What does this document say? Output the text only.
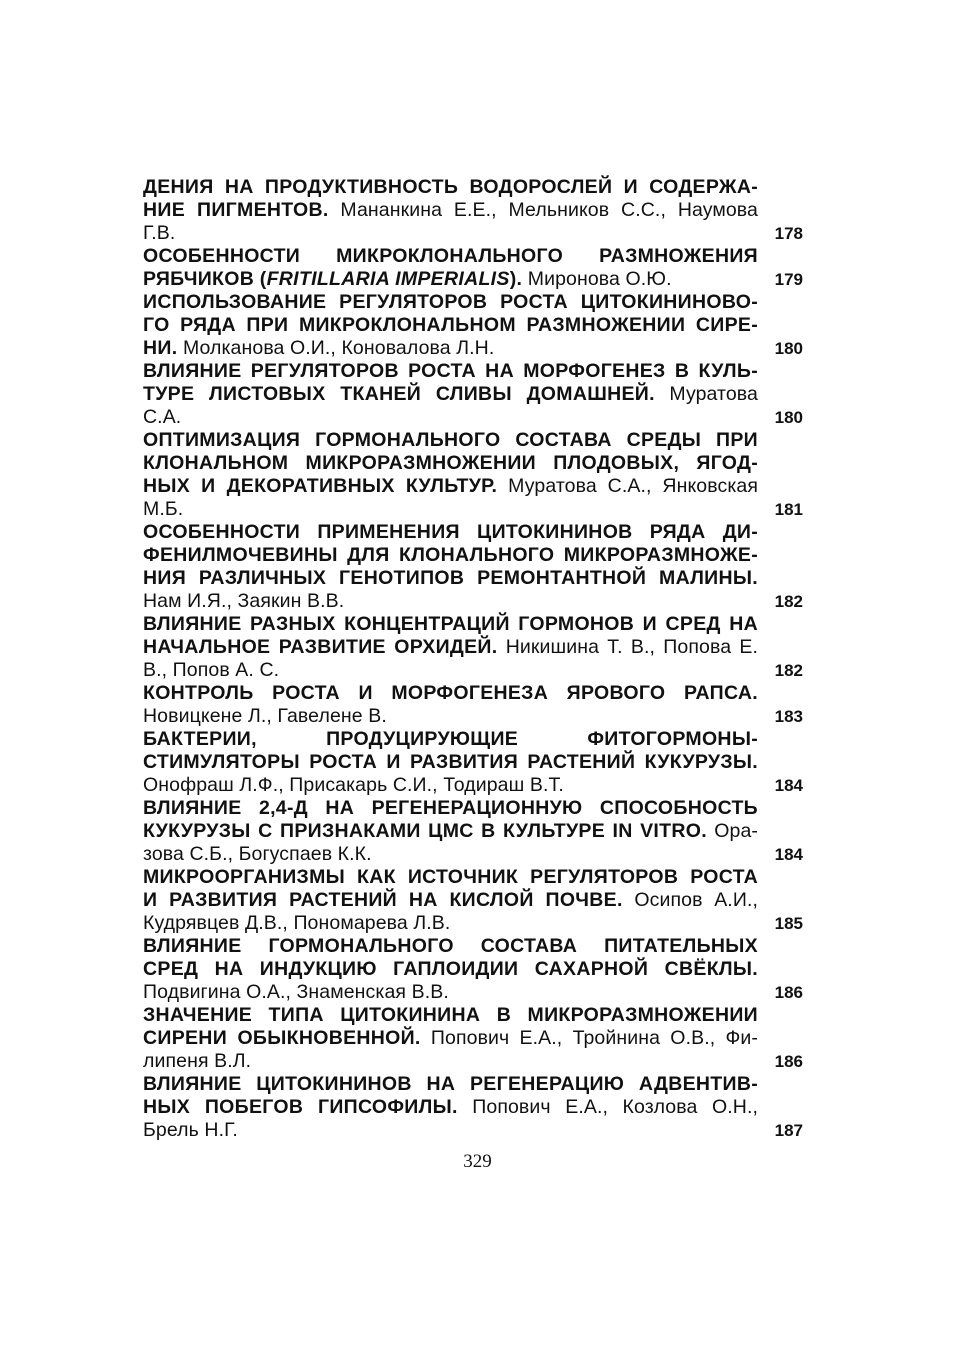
ДЕНИЯ НА ПРОДУКТИВНОСТЬ ВОДОРОСЛЕЙ И СОДЕРЖА-
НИЕ ПИГМЕНТОВ. Мананкина Е.Е., Мельников С.С., Наумова
Г.В.	178
ОСОБЕННОСТИ МИКРОКЛОНАЛЬНОГО РАЗМНОЖЕНИЯ
РЯБЧИКОВ (FRITILLARIA IMPERIALIS). Миронова О.Ю.	179
ИСПОЛЬЗОВАНИЕ РЕГУЛЯТОРОВ РОСТА ЦИТОКИНИНОВО-
ГО РЯДА ПРИ МИКРОКЛОНАЛЬНОМ РАЗМНОЖЕНИИ СИРЕ-
НИ. Молканова О.И., Коновалова Л.Н.	180
ВЛИЯНИЕ РЕГУЛЯТОРОВ РОСТА НА МОРФОГЕНЕЗ В КУЛЬ-
ТУРЕ ЛИСТОВЫХ ТКАНЕЙ СЛИВЫ ДОМАШНЕЙ. Муратова
С.А.	180
ОПТИМИЗАЦИЯ ГОРМОНАЛЬНОГО СОСТАВА СРЕДЫ ПРИ
КЛОНАЛЬНОМ МИКРОРАЗМНОЖЕНИИ ПЛОДОВЫХ, ЯГОД-
НЫХ И ДЕКОРАТИВНЫХ КУЛЬТУР. Муратова С.А., Янковская
М.Б.	181
ОСОБЕННОСТИ ПРИМЕНЕНИЯ ЦИТОКИНИНОВ РЯДА ДИ-
ФЕНИЛМОЧЕВИНЫ ДЛЯ КЛОНАЛЬНОГО МИКРОРАЗМНОЖЕ-
НИЯ РАЗЛИЧНЫХ ГЕНОТИПОВ РЕМОНТАНТНОЙ МАЛИНЫ.
Нам И.Я., Заякин В.В.	182
ВЛИЯНИЕ РАЗНЫХ КОНЦЕНТРАЦИЙ ГОРМОНОВ И СРЕД НА
НАЧАЛЬНОЕ РАЗВИТИЕ ОРХИДЕЙ. Никишина Т. В., Попова Е.
В., Попов А. С.	182
КОНТРОЛЬ РОСТА И МОРФОГЕНЕЗА ЯРОВОГО РАПСА.
Новицкене Л., Гавелене В.	183
БАКТЕРИИ, ПРОДУЦИРУЮЩИЕ ФИТОГОРМОНЫ-
СТИМУЛЯТОРЫ РОСТА И РАЗВИТИЯ РАСТЕНИЙ КУКУРУЗЫ.
Онофраш Л.Ф., Присакарь С.И., Тодираш В.Т.	184
ВЛИЯНИЕ 2,4-Д НА РЕГЕНЕРАЦИОННУЮ СПОСОБНОСТЬ
КУКУРУЗЫ С ПРИЗНАКАМИ ЦМС В КУЛЬТУРЕ IN VITRO. Ора-
зова С.Б., Богуспаев К.К.	184
МИКРООРГАНИЗМЫ КАК ИСТОЧНИК РЕГУЛЯТОРОВ РОСТА
И РАЗВИТИЯ РАСТЕНИЙ НА КИСЛОЙ ПОЧВЕ. Осипов А.И.,
Кудрявцев Д.В., Пономарева Л.В.	185
ВЛИЯНИЕ ГОРМОНАЛЬНОГО СОСТАВА ПИТАТЕЛЬНЫХ
СРЕД НА ИНДУКЦИЮ ГАПЛОИДИИ САХАРНОЙ СВЁКЛЫ.
Подвигина О.А., Знаменская В.В.	186
ЗНАЧЕНИЕ ТИПА ЦИТОКИНИНА В МИКРОРАЗМНОЖЕНИИ
СИРЕНИ ОБЫКНОВЕННОЙ. Попович Е.А., Тройнина О.В., Фи-
липеня В.Л.	186
ВЛИЯНИЕ ЦИТОКИНИНОВ НА РЕГЕНЕРАЦИЮ АДВЕНТИВ-
НЫХ ПОБЕГОВ ГИПСОФИЛЫ. Попович Е.А., Козлова О.Н.,
Брель Н.Г.	187
329
